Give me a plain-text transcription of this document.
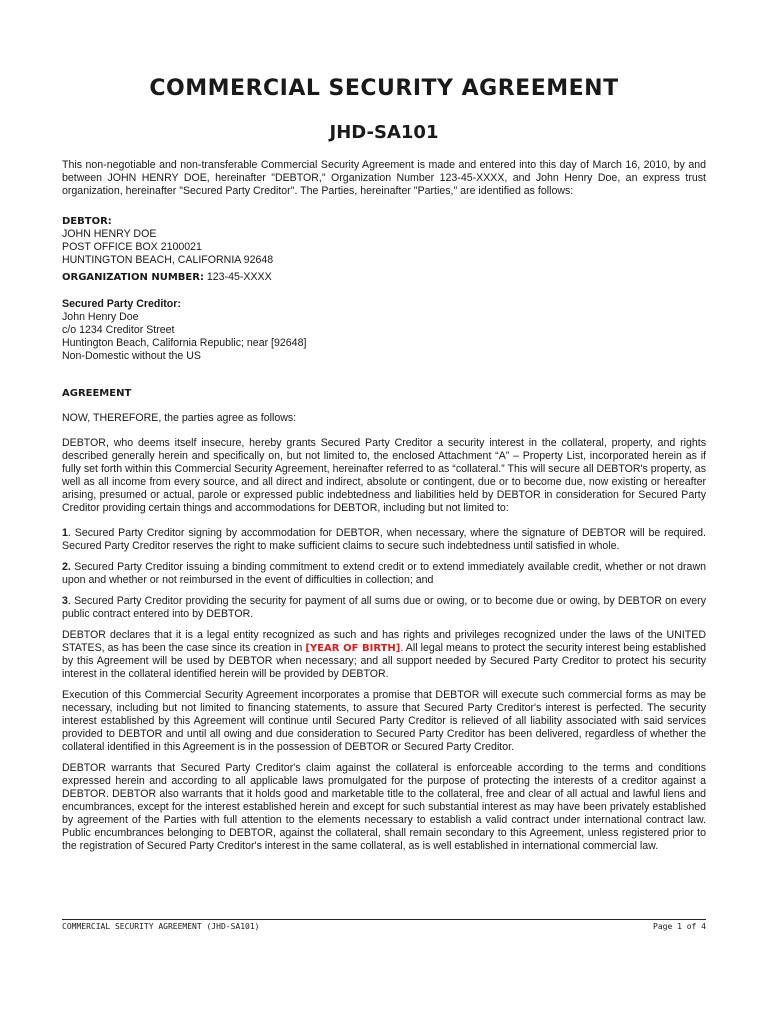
COMMERCIAL SECURITY AGREEMENT
JHD-SA101

This non-negotiable and non-transferable Commercial Security Agreement is made and entered into this day of March 16, 2010, by and between JOHN HENRY DOE, hereinafter "DEBTOR," Organization Number 123-45-XXXX, and John Henry Doe, an express trust organization, hereinafter "Secured Party Creditor". The Parties, hereinafter "Parties," are identified as follows:

DEBTOR:
JOHN HENRY DOE
POST OFFICE BOX 2100021
HUNTINGTON BEACH, CALIFORNIA 92648
ORGANIZATION NUMBER: 123-45-XXXX
Secured Party Creditor:
John Henry Doe
c/o 1234 Creditor Street
Huntington Beach, California Republic; near [92648]
Non-Domestic without the US

AGREEMENT

NOW, THEREFORE, the parties agree as follows:

DEBTOR, who deems itself insecure, hereby grants Secured Party Creditor a security interest in the collateral, property, and rights described generally herein and specifically on, but not limited to, the enclosed Attachment “A” – Property List, incorporated herein as if fully set forth within this Commercial Security Agreement, hereinafter referred to as “collateral.” This will secure all DEBTOR's property, as well as all income from every source, and all direct and indirect, absolute or contingent, due or to become due, now existing or hereafter arising, presumed or actual, parole or expressed public indebtedness and liabilities held by DEBTOR in consideration for Secured Party Creditor providing certain things and accommodations for DEBTOR, including but not limited to:

1. Secured Party Creditor signing by accommodation for DEBTOR, when necessary, where the signature of DEBTOR will be required. Secured Party Creditor reserves the right to make sufficient claims to secure such indebtedness until satisfied in whole.

2. Secured Party Creditor issuing a binding commitment to extend credit or to extend immediately available credit, whether or not drawn upon and whether or not reimbursed in the event of difficulties in collection; and

3. Secured Party Creditor providing the security for payment of all sums due or owing, or to become due or owing, by DEBTOR on every public contract entered into by DEBTOR.

DEBTOR declares that it is a legal entity recognized as such and has rights and privileges recognized under the laws of the UNITED STATES, as has been the case since its creation in [YEAR OF BIRTH]. All legal means to protect the security interest being established by this Agreement will be used by DEBTOR when necessary; and all support needed by Secured Party Creditor to protect his security interest in the collateral identified herein will be provided by DEBTOR.

Execution of this Commercial Security Agreement incorporates a promise that DEBTOR will execute such commercial forms as may be necessary, including but not limited to financing statements, to assure that Secured Party Creditor's interest is perfected. The security interest established by this Agreement will continue until Secured Party Creditor is relieved of all liability associated with said services provided to DEBTOR and until all owing and due consideration to Secured Party Creditor has been delivered, regardless of whether the collateral identified in this Agreement is in the possession of DEBTOR or Secured Party Creditor.

DEBTOR warrants that Secured Party Creditor's claim against the collateral is enforceable according to the terms and conditions expressed herein and according to all applicable laws promulgated for the purpose of protecting the interests of a creditor against a DEBTOR. DEBTOR also warrants that it holds good and marketable title to the collateral, free and clear of all actual and lawful liens and encumbrances, except for the interest established herein and except for such substantial interest as may have been privately established by agreement of the Parties with full attention to the elements necessary to establish a valid contract under international contract law. Public encumbrances belonging to DEBTOR, against the collateral, shall remain secondary to this Agreement, unless registered prior to the registration of Secured Party Creditor's interest in the same collateral, as is well established in international commercial law.

COMMERCIAL SECURITY AGREEMENT (JHD-SA101)	Page 1 of 4
